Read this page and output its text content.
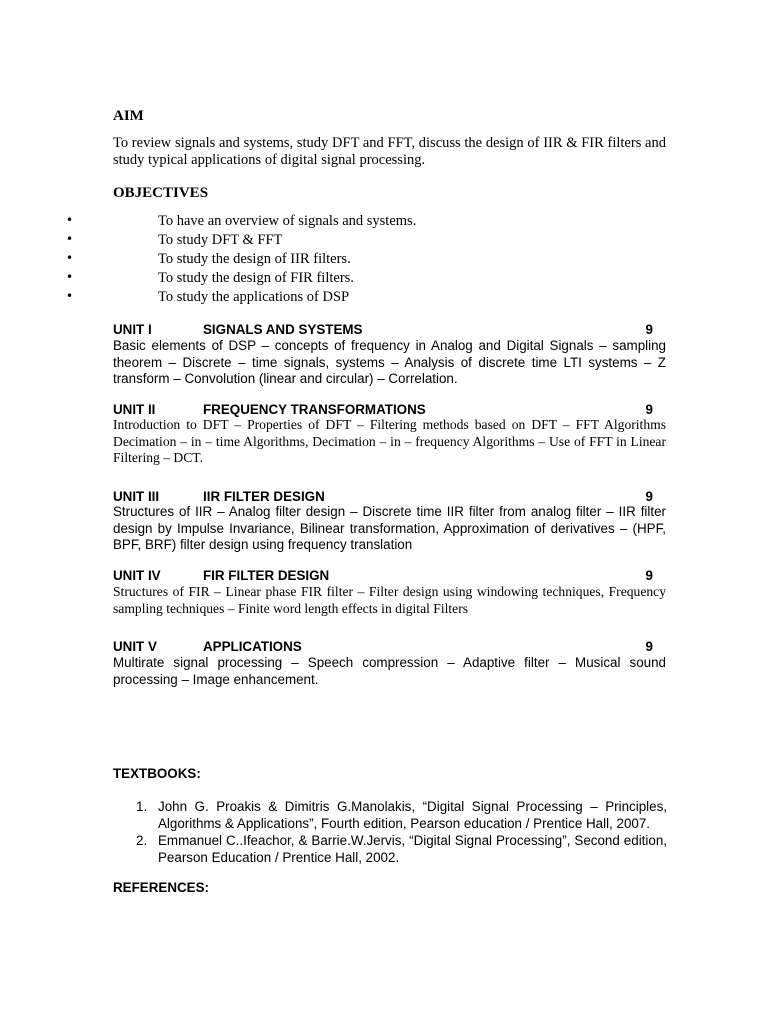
AIM
To review signals and systems, study DFT and FFT, discuss the design of IIR & FIR filters and study typical applications of digital signal processing.
OBJECTIVES
•	To have an overview of signals and systems.
•	To study DFT & FFT
•	To study the design of IIR filters.
•	To study the design of FIR filters.
•	To study the applications of DSP
UNIT I	SIGNALS AND SYSTEMS	9
Basic elements of DSP – concepts of frequency in Analog and Digital Signals – sampling theorem – Discrete – time signals, systems – Analysis of discrete time LTI systems – Z transform – Convolution (linear and circular) – Correlation.
UNIT II	FREQUENCY TRANSFORMATIONS	9
Introduction to DFT – Properties of DFT – Filtering methods based on DFT – FFT Algorithms Decimation – in – time Algorithms, Decimation – in – frequency Algorithms – Use of FFT in Linear Filtering – DCT.
UNIT III	IIR FILTER DESIGN	9
Structures of IIR – Analog filter design – Discrete time IIR filter from analog filter – IIR filter design by Impulse Invariance, Bilinear transformation, Approximation of derivatives – (HPF, BPF, BRF) filter design using frequency translation
UNIT IV	FIR FILTER DESIGN	9
Structures of FIR – Linear phase FIR filter – Filter design using windowing techniques, Frequency sampling techniques – Finite word length effects in digital Filters
UNIT V	APPLICATIONS	9
Multirate signal processing – Speech compression – Adaptive filter – Musical sound processing – Image enhancement.
TEXTBOOKS:
1. John G. Proakis & Dimitris G.Manolakis, “Digital Signal Processing – Principles, Algorithms & Applications”, Fourth edition, Pearson education / Prentice Hall, 2007.
2. Emmanuel C..Ifeachor, & Barrie.W.Jervis, “Digital Signal Processing”, Second edition, Pearson Education / Prentice Hall, 2002.
REFERENCES:
